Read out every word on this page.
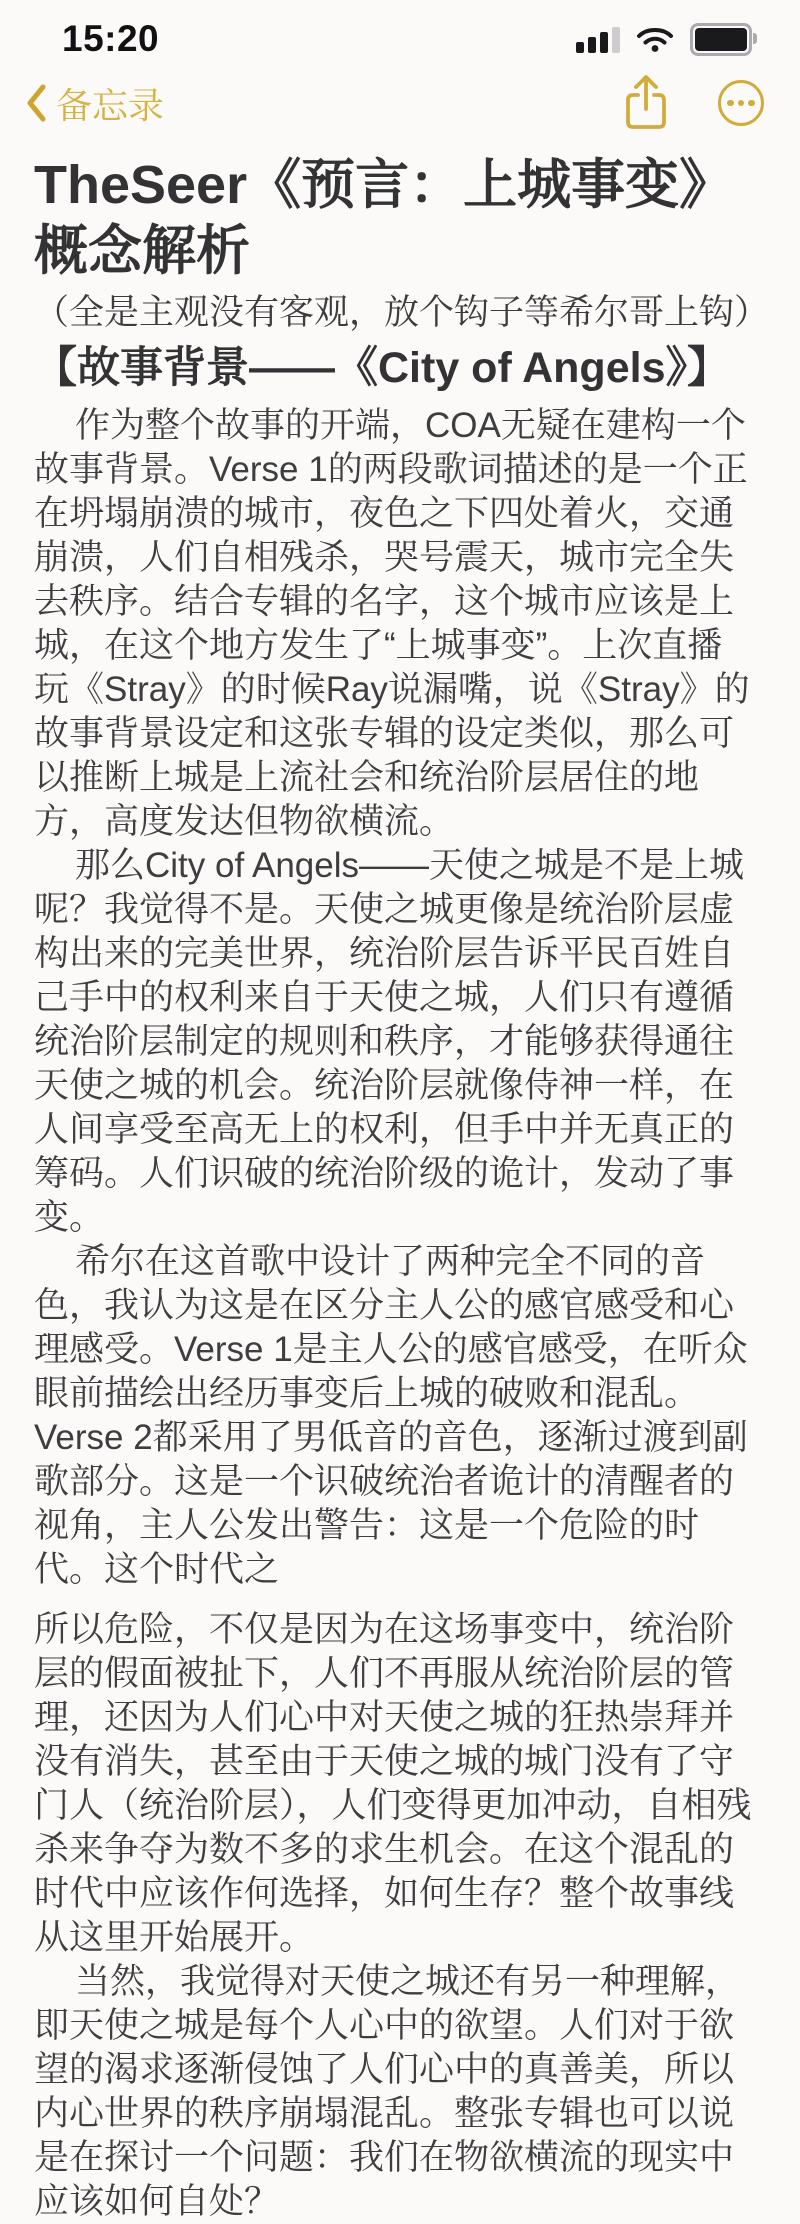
15:20
备忘录
TheSeer《预言：上城事变》概念解析
（全是主观没有客观，放个钩子等希尔哥上钩）
【故事背景——《City of Angels》】

作为整个故事的开端，COA无疑在建构一个故事背景。Verse 1的两段歌词描述的是一个正在坍塌崩溃的城市，夜色之下四处着火，交通崩溃，人们自相残杀，哭号震天，城市完全失去秩序。结合专辑的名字，这个城市应该是上城，在这个地方发生了“上城事变”。上次直播玩《Stray》的时候Ray说漏嘴，说《Stray》的故事背景设定和这张专辑的设定类似，那么可以推断上城是上流社会和统治阶层居住的地方，高度发达但物欲横流。

那么City of Angels——天使之城是不是上城呢？我觉得不是。天使之城更像是统治阶层虚构出来的完美世界，统治阶层告诉平民百姓自己手中的权利来自于天使之城，人们只有遵循统治阶层制定的规则和秩序，才能够获得通往天使之城的机会。统治阶层就像侍神一样，在人间享受至高无上的权利，但手中并无真正的筹码。人们识破的统治阶级的诡计，发动了事变。

希尔在这首歌中设计了两种完全不同的音色，我认为这是在区分主人公的感官感受和心理感受。Verse 1是主人公的感官感受，在听众眼前描绘出经历事变后上城的破败和混乱。Verse 2都采用了男低音的音色，逐渐过渡到副歌部分。这是一个识破统治者诡计的清醒者的视角，主人公发出警告：这是一个危险的时代。这个时代之

所以危险，不仅是因为在这场事变中，统治阶层的假面被扯下，人们不再服从统治阶层的管理，还因为人们心中对天使之城的狂热崇拜并没有消失，甚至由于天使之城的城门没有了守门人（统治阶层），人们变得更加冲动，自相残杀来争夺为数不多的求生机会。在这个混乱的时代中应该作何选择，如何生存？整个故事线从这里开始展开。

当然，我觉得对天使之城还有另一种理解，即天使之城是每个人心中的欲望。人们对于欲望的渴求逐渐侵蚀了人们心中的真善美，所以内心世界的秩序崩塌混乱。整张专辑也可以说是在探讨一个问题：我们在物欲横流的现实中应该如何自处？
